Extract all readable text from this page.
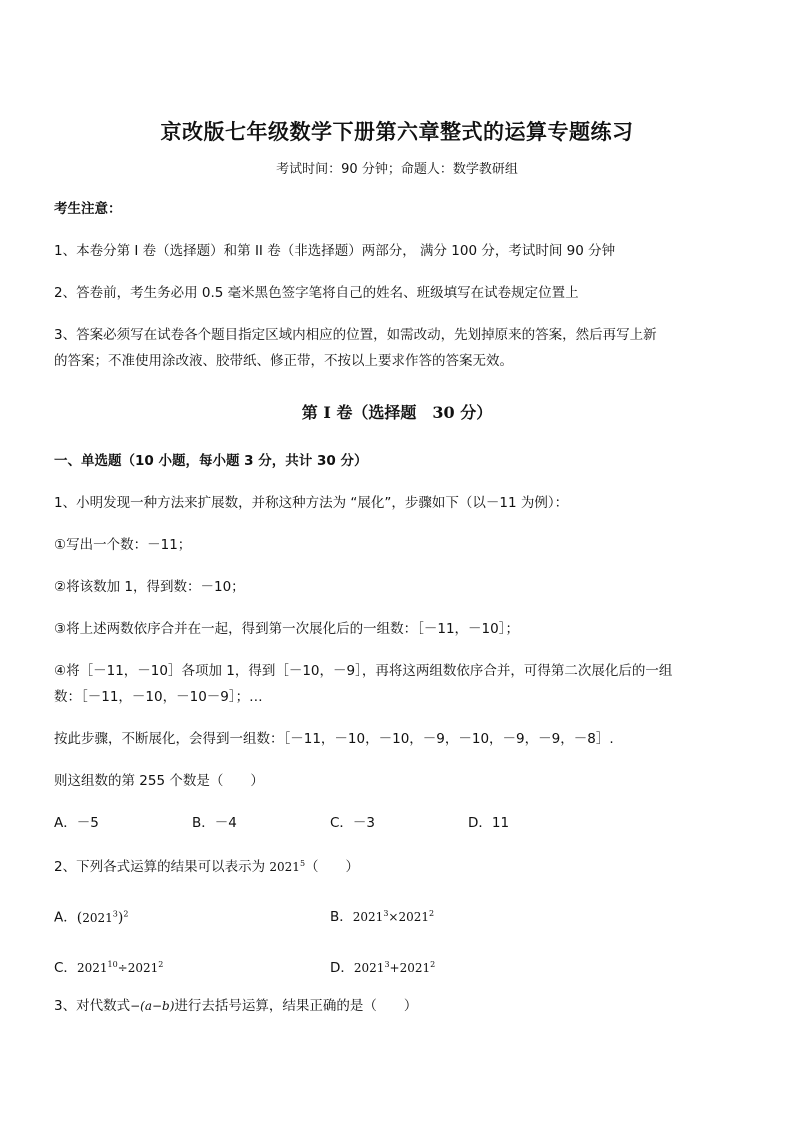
京改版七年级数学下册第六章整式的运算专题练习
考试时间：90 分钟；命题人：数学教研组
考生注意：
1、本卷分第 I 卷（选择题）和第 II 卷（非选择题）两部分， 满分 100 分，考试时间 90 分钟
2、答卷前，考生务必用 0.5 毫米黑色签字笔将自己的姓名、班级填写在试卷规定位置上
3、答案必须写在试卷各个题目指定区域内相应的位置，如需改动，先划掉原来的答案，然后再写上新
的答案；不准使用涂改液、胶带纸、修正带，不按以上要求作答的答案无效。
第 I 卷（选择题　30 分）
一、单选题（10 小题，每小题 3 分，共计 30 分）
1、小明发现一种方法来扩展数，并称这种方法为 “展化”，步骤如下（以－11 为例）：
①写出一个数：－11；
②将该数加 1，得到数：－10；
③将上述两数依序合并在一起，得到第一次展化后的一组数：［－11，－10］；
④将［－11，－10］各项加 1，得到［－10，－9］，再将这两组数依序合并，可得第二次展化后的一组
数：［－11，－10，－10－9］；…
按此步骤，不断展化，会得到一组数：［－11，－10，－10，－9，－10，－9，－9，－8］.
则这组数的第 255 个数是（　　）
A．－5	B．－4	C．－3	D．11
2、下列各式运算的结果可以表示为 2021$^5$（　　）
A．$(2021^3)^2$	B．$2021^3\times 2021^2$
C．$2021^{10}\div 2021^2$	D．$2021^3+2021^2$
3、对代数式−(a−b)进行去括号运算，结果正确的是（　　）
